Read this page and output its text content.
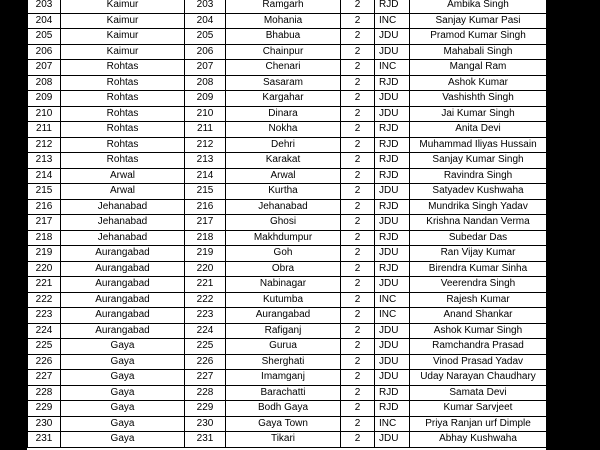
203	Kaimur	203	Ramgarh	2	RJD	Ambika Singh
204	Kaimur	204	Mohania	2	INC	Sanjay Kumar Pasi
205	Kaimur	205	Bhabua	2	JDU	Pramod Kumar Singh
206	Kaimur	206	Chainpur	2	JDU	Mahabali Singh
207	Rohtas	207	Chenari	2	INC	Mangal Ram
208	Rohtas	208	Sasaram	2	RJD	Ashok Kumar
209	Rohtas	209	Kargahar	2	JDU	Vashishth Singh
210	Rohtas	210	Dinara	2	JDU	Jai Kumar Singh
211	Rohtas	211	Nokha	2	RJD	Anita Devi
212	Rohtas	212	Dehri	2	RJD	Muhammad Iliyas Hussain
213	Rohtas	213	Karakat	2	RJD	Sanjay Kumar Singh
214	Arwal	214	Arwal	2	RJD	Ravindra Singh
215	Arwal	215	Kurtha	2	JDU	Satyadev Kushwaha
216	Jehanabad	216	Jehanabad	2	RJD	Mundrika Singh Yadav
217	Jehanabad	217	Ghosi	2	JDU	Krishna Nandan Verma
218	Jehanabad	218	Makhdumpur	2	RJD	Subedar Das
219	Aurangabad	219	Goh	2	JDU	Ran Vijay Kumar
220	Aurangabad	220	Obra	2	RJD	Birendra Kumar Sinha
221	Aurangabad	221	Nabinagar	2	JDU	Veerendra Singh
222	Aurangabad	222	Kutumba	2	INC	Rajesh Kumar
223	Aurangabad	223	Aurangabad	2	INC	Anand Shankar
224	Aurangabad	224	Rafiganj	2	JDU	Ashok Kumar Singh
225	Gaya	225	Gurua	2	JDU	Ramchandra Prasad
226	Gaya	226	Sherghati	2	JDU	Vinod Prasad Yadav
227	Gaya	227	Imamganj	2	JDU	Uday Narayan Chaudhary
228	Gaya	228	Barachatti	2	RJD	Samata Devi
229	Gaya	229	Bodh Gaya	2	RJD	Kumar Sarvjeet
230	Gaya	230	Gaya Town	2	INC	Priya Ranjan urf Dimple
231	Gaya	231	Tikari	2	JDU	Abhay Kushwaha
